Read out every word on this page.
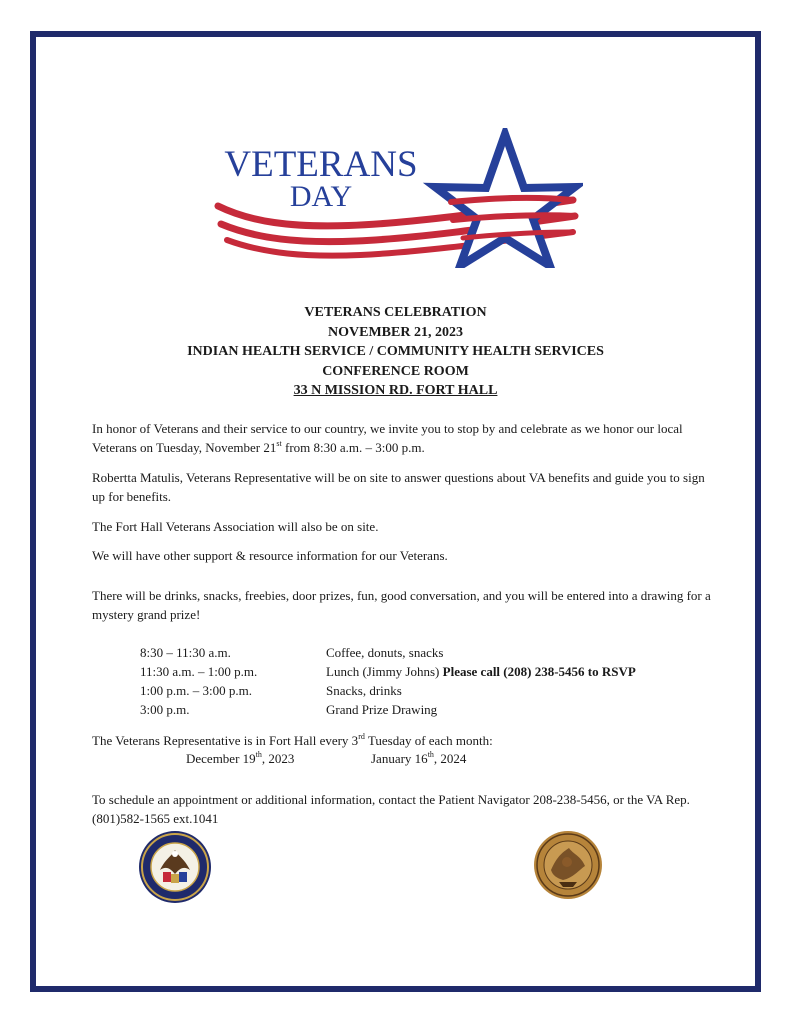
VETERANS
DAY
VETERANS CELEBRATION
NOVEMBER 21, 2023
INDIAN HEALTH SERVICE / COMMUNITY HEALTH SERVICES
CONFERENCE ROOM
33 N MISSION RD. FORT HALL

In honor of Veterans and their service to our country, we invite you to stop by and celebrate as we honor our local Veterans on Tuesday, November 21st from 8:30 a.m. – 3:00 p.m.

Robertta Matulis, Veterans Representative will be on site to answer questions about VA benefits and guide you to sign up for benefits.

The Fort Hall Veterans Association will also be on site.

We will have other support & resource information for our Veterans.

There will be drinks, snacks, freebies, door prizes, fun, good conversation, and you will be entered into a drawing for a mystery grand prize!

8:30 – 11:30 a.m.	Coffee, donuts, snacks
11:30 a.m. – 1:00 p.m.	Lunch (Jimmy Johns) Please call (208) 238-5456 to RSVP
1:00 p.m. – 3:00 p.m.	Snacks, drinks
3:00 p.m.	Grand Prize Drawing

The Veterans Representative is in Fort Hall every 3rd Tuesday of each month:

December 19th, 2023	January 16th, 2024

To schedule an appointment or additional information, contact the Patient Navigator 208-238-5456, or the VA Rep. (801)582-1565 ext.1041
